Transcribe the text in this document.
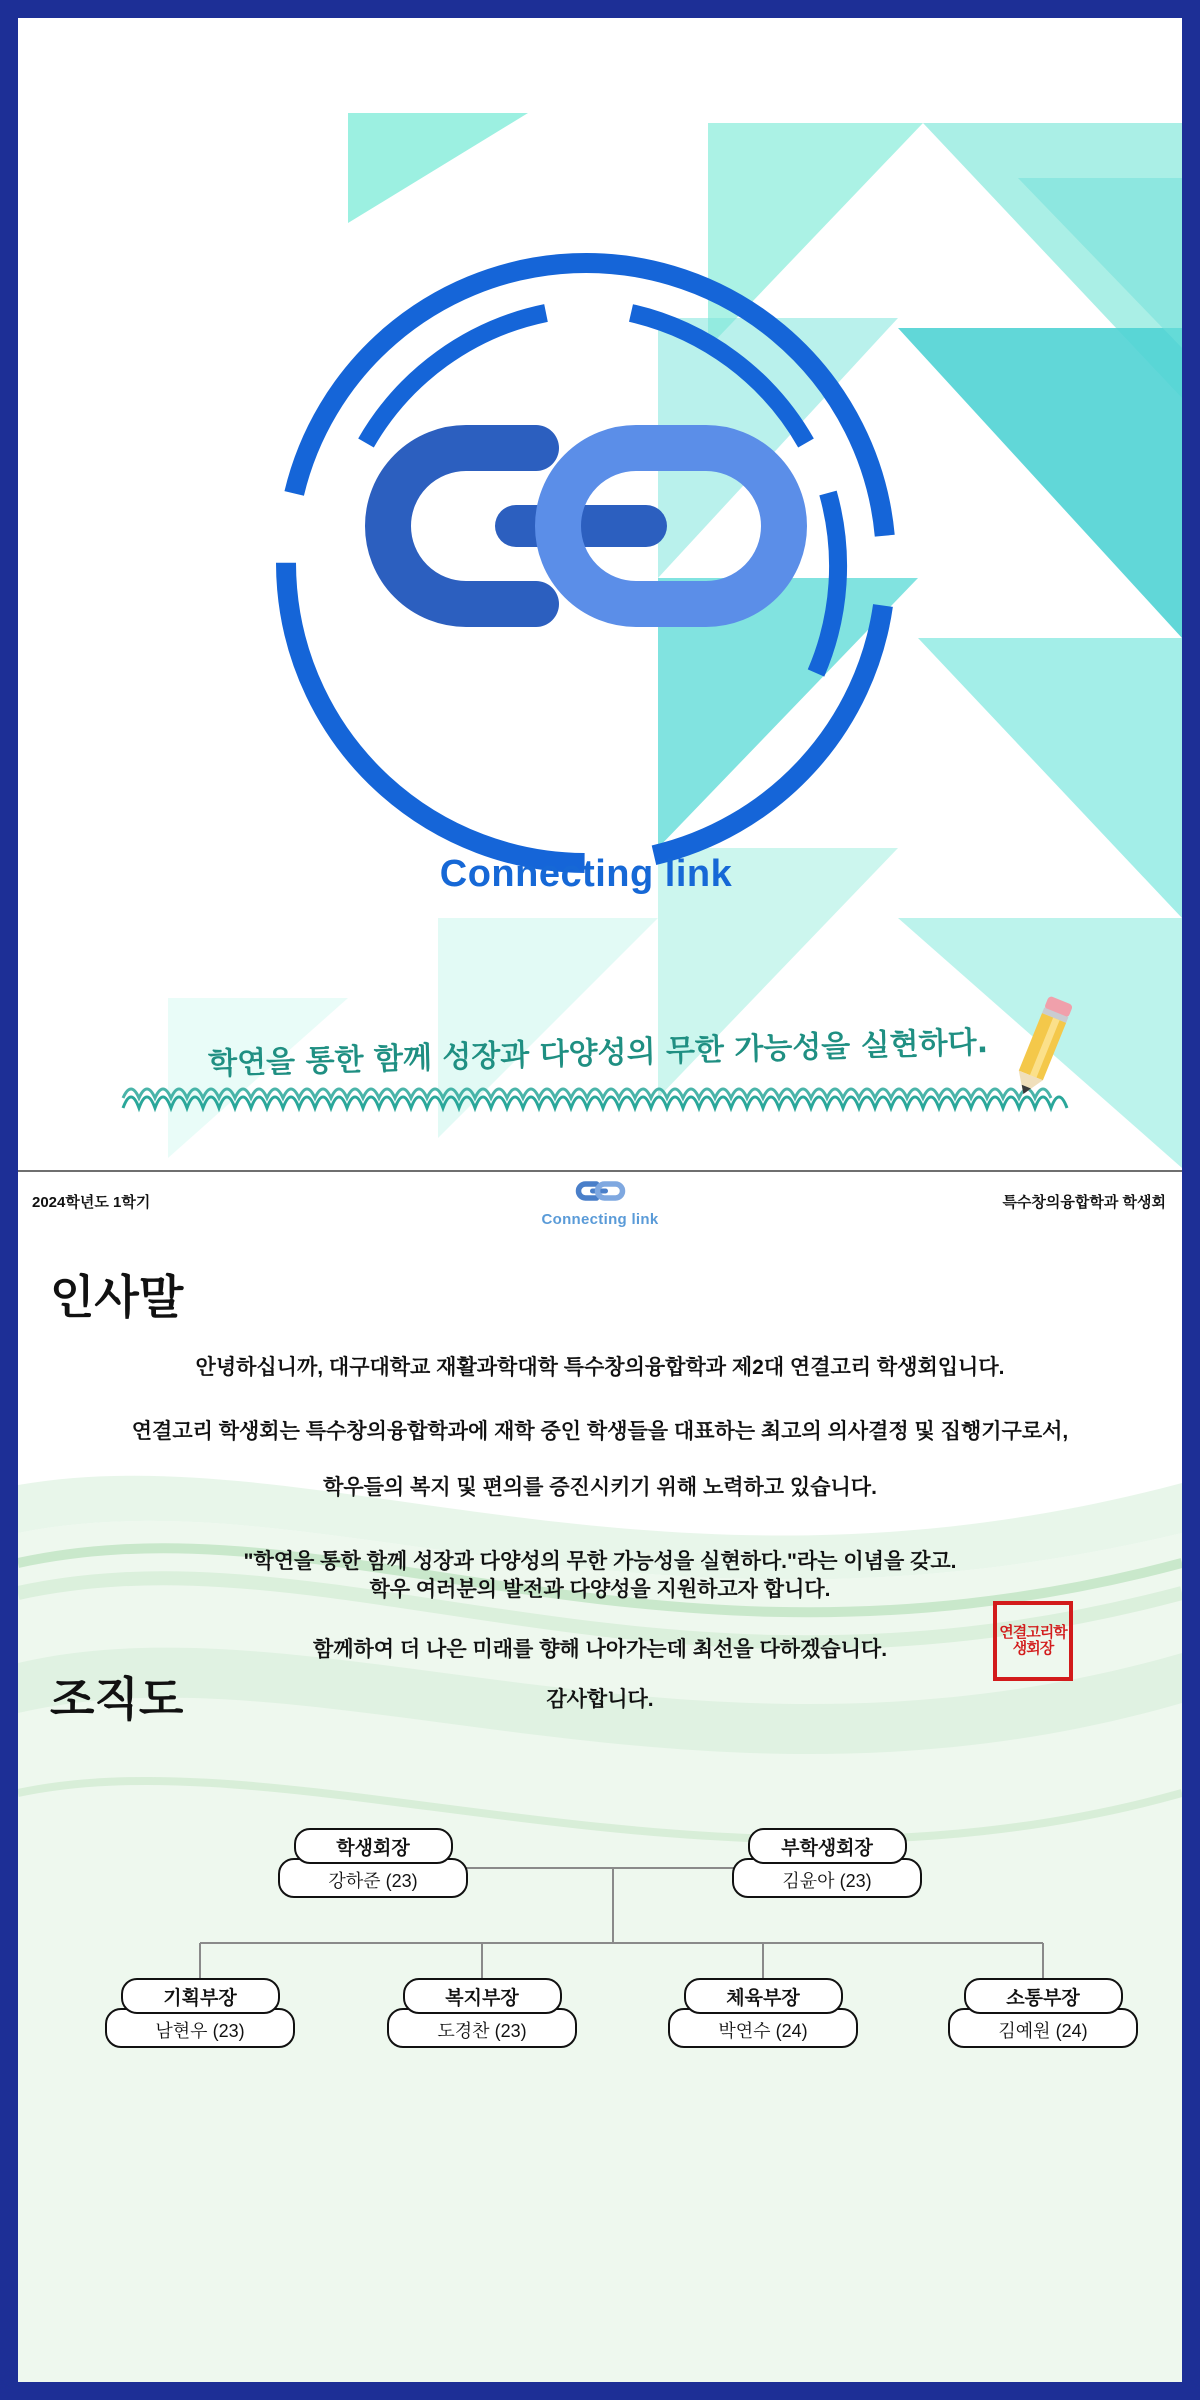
Connecting link
학연을 통한 함께 성장과 다양성의 무한 가능성을 실현하다.
2024학년도 1학기
Connecting link
특수창의융합학과 학생회
인사말
안녕하십니까, 대구대학교 재활과학대학 특수창의융합학과 제2대 연결고리 학생회입니다.
연결고리 학생회는 특수창의융합학과에 재학 중인 학생들을 대표하는 최고의 의사결정 및 집행기구로서,
학우들의 복지 및 편의를 증진시키기 위해 노력하고 있습니다.
"학연을 통한 함께 성장과 다양성의 무한 가능성을 실현하다."라는 이념을 갖고.
학우 여러분의 발전과 다양성을 지원하고자 합니다.
함께하여 더 나은 미래를 향해 나아가는데 최선을 다하겠습니다.
감사합니다.
연결고리학생회장
조직도
학생회장
강하준 (23)
부학생회장
김윤아 (23)
기획부장
남현우 (23)
복지부장
도경찬 (23)
체육부장
박연수 (24)
소통부장
김예원 (24)
